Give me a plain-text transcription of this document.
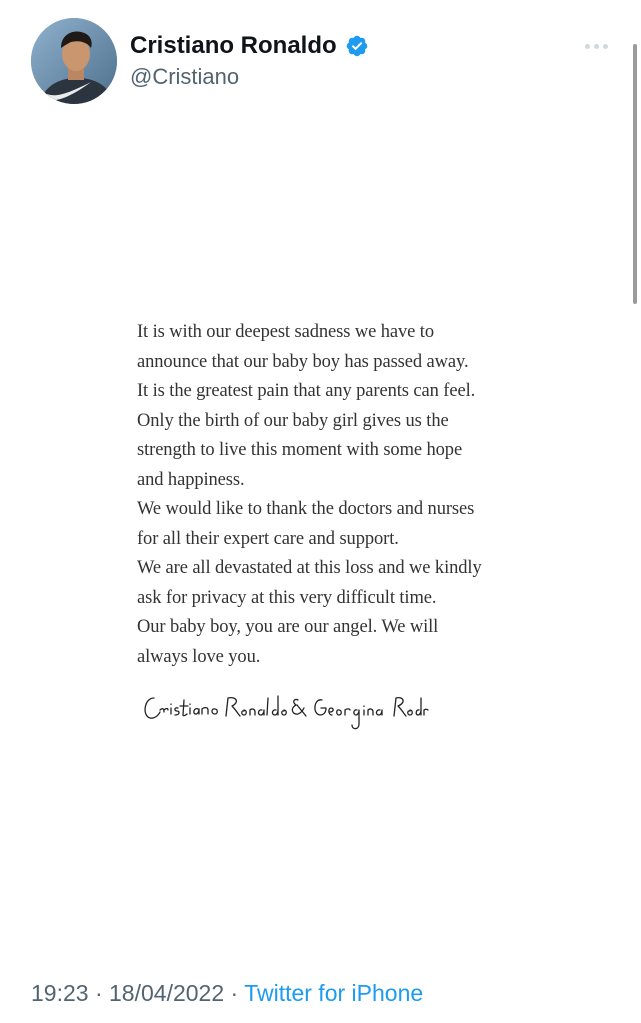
Cristiano Ronaldo
@Cristiano
It is with our deepest sadness we have to
announce that our baby boy has passed away.
It is the greatest pain that any parents can feel.
Only the birth of our baby girl gives us the
strength to live this moment with some hope
and happiness.
We would like to thank the doctors and nurses
for all their expert care and support.
We are all devastated at this loss and we kindly
ask for privacy at this very difficult time.
Our baby boy, you are our angel. We will
always love you.
19:23 · 18/04/2022 · Twitter for iPhone
